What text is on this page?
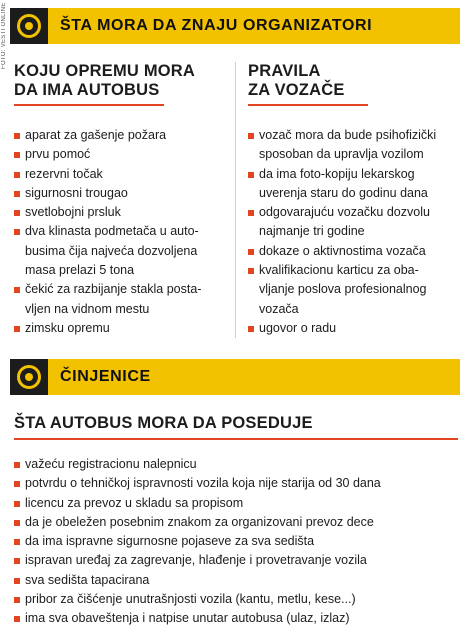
FOTO: VESTI ONLINE	ŠTA MORA DA ZNAJU ORGANIZATORI
KOJU OPREMU MORA
DA IMA AUTOBUS
aparat za gašenje požara
prvu pomoć
rezervni točak
sigurnosni trougao
svetlobojni prsluk
dva klinasta podmetača u auto-
busima čija najveća dozvoljena
masa prelazi 5 tona
čekić za razbijanje stakla posta-
vljen na vidnom mestu
zimsku opremu
PRAVILA
ZA VOZAČE
vozač mora da bude psihofizički
sposoban da upravlja vozilom
da ima foto-kopiju lekarskog
uverenja staru do godinu dana
odgovarajuću vozačku dozvolu
najmanje tri godine
dokaze o aktivnostima vozača
kvalifikacionu karticu za oba-
vljanje poslova profesionalnog
vozača
ugovor o radu
ČINJENICE
ŠTA AUTOBUS MORA DA POSEDUJE
važeću registracionu nalepnicu
potvrdu o tehničkoj ispravnosti vozila koja nije starija od 30 dana
licencu za prevoz u skladu sa propisom
da je obeležen posebnim znakom za organizovani prevoz dece
da ima ispravne sigurnosne pojaseve za sva sedišta
ispravan uređaj za zagrevanje, hlađenje i provetravanje vozila
sva sedišta tapacirana
pribor za čišćenje unutrašnjosti vozila (kantu, metlu, kese...)
ima sva obaveštenja i natpise unutar autobusa (ulaz, izlaz)
